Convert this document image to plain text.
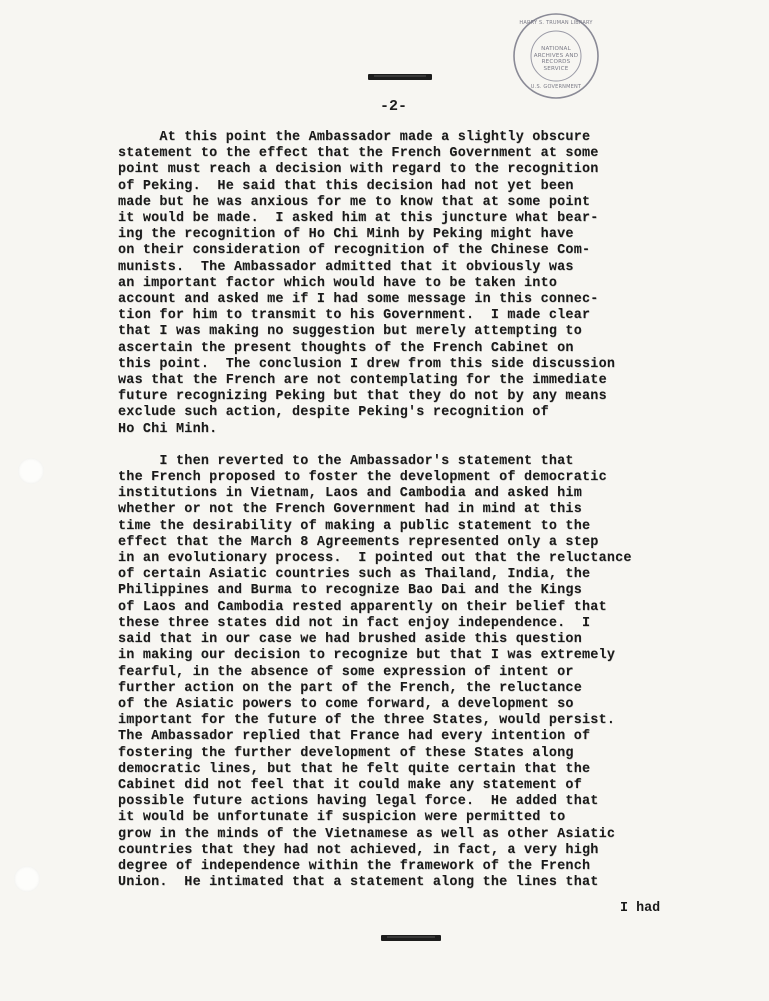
HARRY S. TRUMAN LIBRARY
NATIONAL
ARCHIVES AND
RECORDS
SERVICE
U.S. GOVERNMENT
-2-
At this point the Ambassador made a slightly obscure
statement to the effect that the French Government at some
point must reach a decision with regard to the recognition
of Peking.  He said that this decision had not yet been
made but he was anxious for me to know that at some point
it would be made.  I asked him at this juncture what bear-
ing the recognition of Ho Chi Minh by Peking might have
on their consideration of recognition of the Chinese Com-
munists.  The Ambassador admitted that it obviously was
an important factor which would have to be taken into
account and asked me if I had some message in this connec-
tion for him to transmit to his Government.  I made clear
that I was making no suggestion but merely attempting to
ascertain the present thoughts of the French Cabinet on
this point.  The conclusion I drew from this side discussion
was that the French are not contemplating for the immediate
future recognizing Peking but that they do not by any means
exclude such action, despite Peking's recognition of
Ho Chi Minh.
I then reverted to the Ambassador's statement that
the French proposed to foster the development of democratic
institutions in Vietnam, Laos and Cambodia and asked him
whether or not the French Government had in mind at this
time the desirability of making a public statement to the
effect that the March 8 Agreements represented only a step
in an evolutionary process.  I pointed out that the reluctance
of certain Asiatic countries such as Thailand, India, the
Philippines and Burma to recognize Bao Dai and the Kings
of Laos and Cambodia rested apparently on their belief that
these three states did not in fact enjoy independence.  I
said that in our case we had brushed aside this question
in making our decision to recognize but that I was extremely
fearful, in the absence of some expression of intent or
further action on the part of the French, the reluctance
of the Asiatic powers to come forward, a development so
important for the future of the three States, would persist.
The Ambassador replied that France had every intention of
fostering the further development of these States along
democratic lines, but that he felt quite certain that the
Cabinet did not feel that it could make any statement of
possible future actions having legal force.  He added that
it would be unfortunate if suspicion were permitted to
grow in the minds of the Vietnamese as well as other Asiatic
countries that they had not achieved, in fact, a very high
degree of independence within the framework of the French
Union.  He intimated that a statement along the lines that
I had
